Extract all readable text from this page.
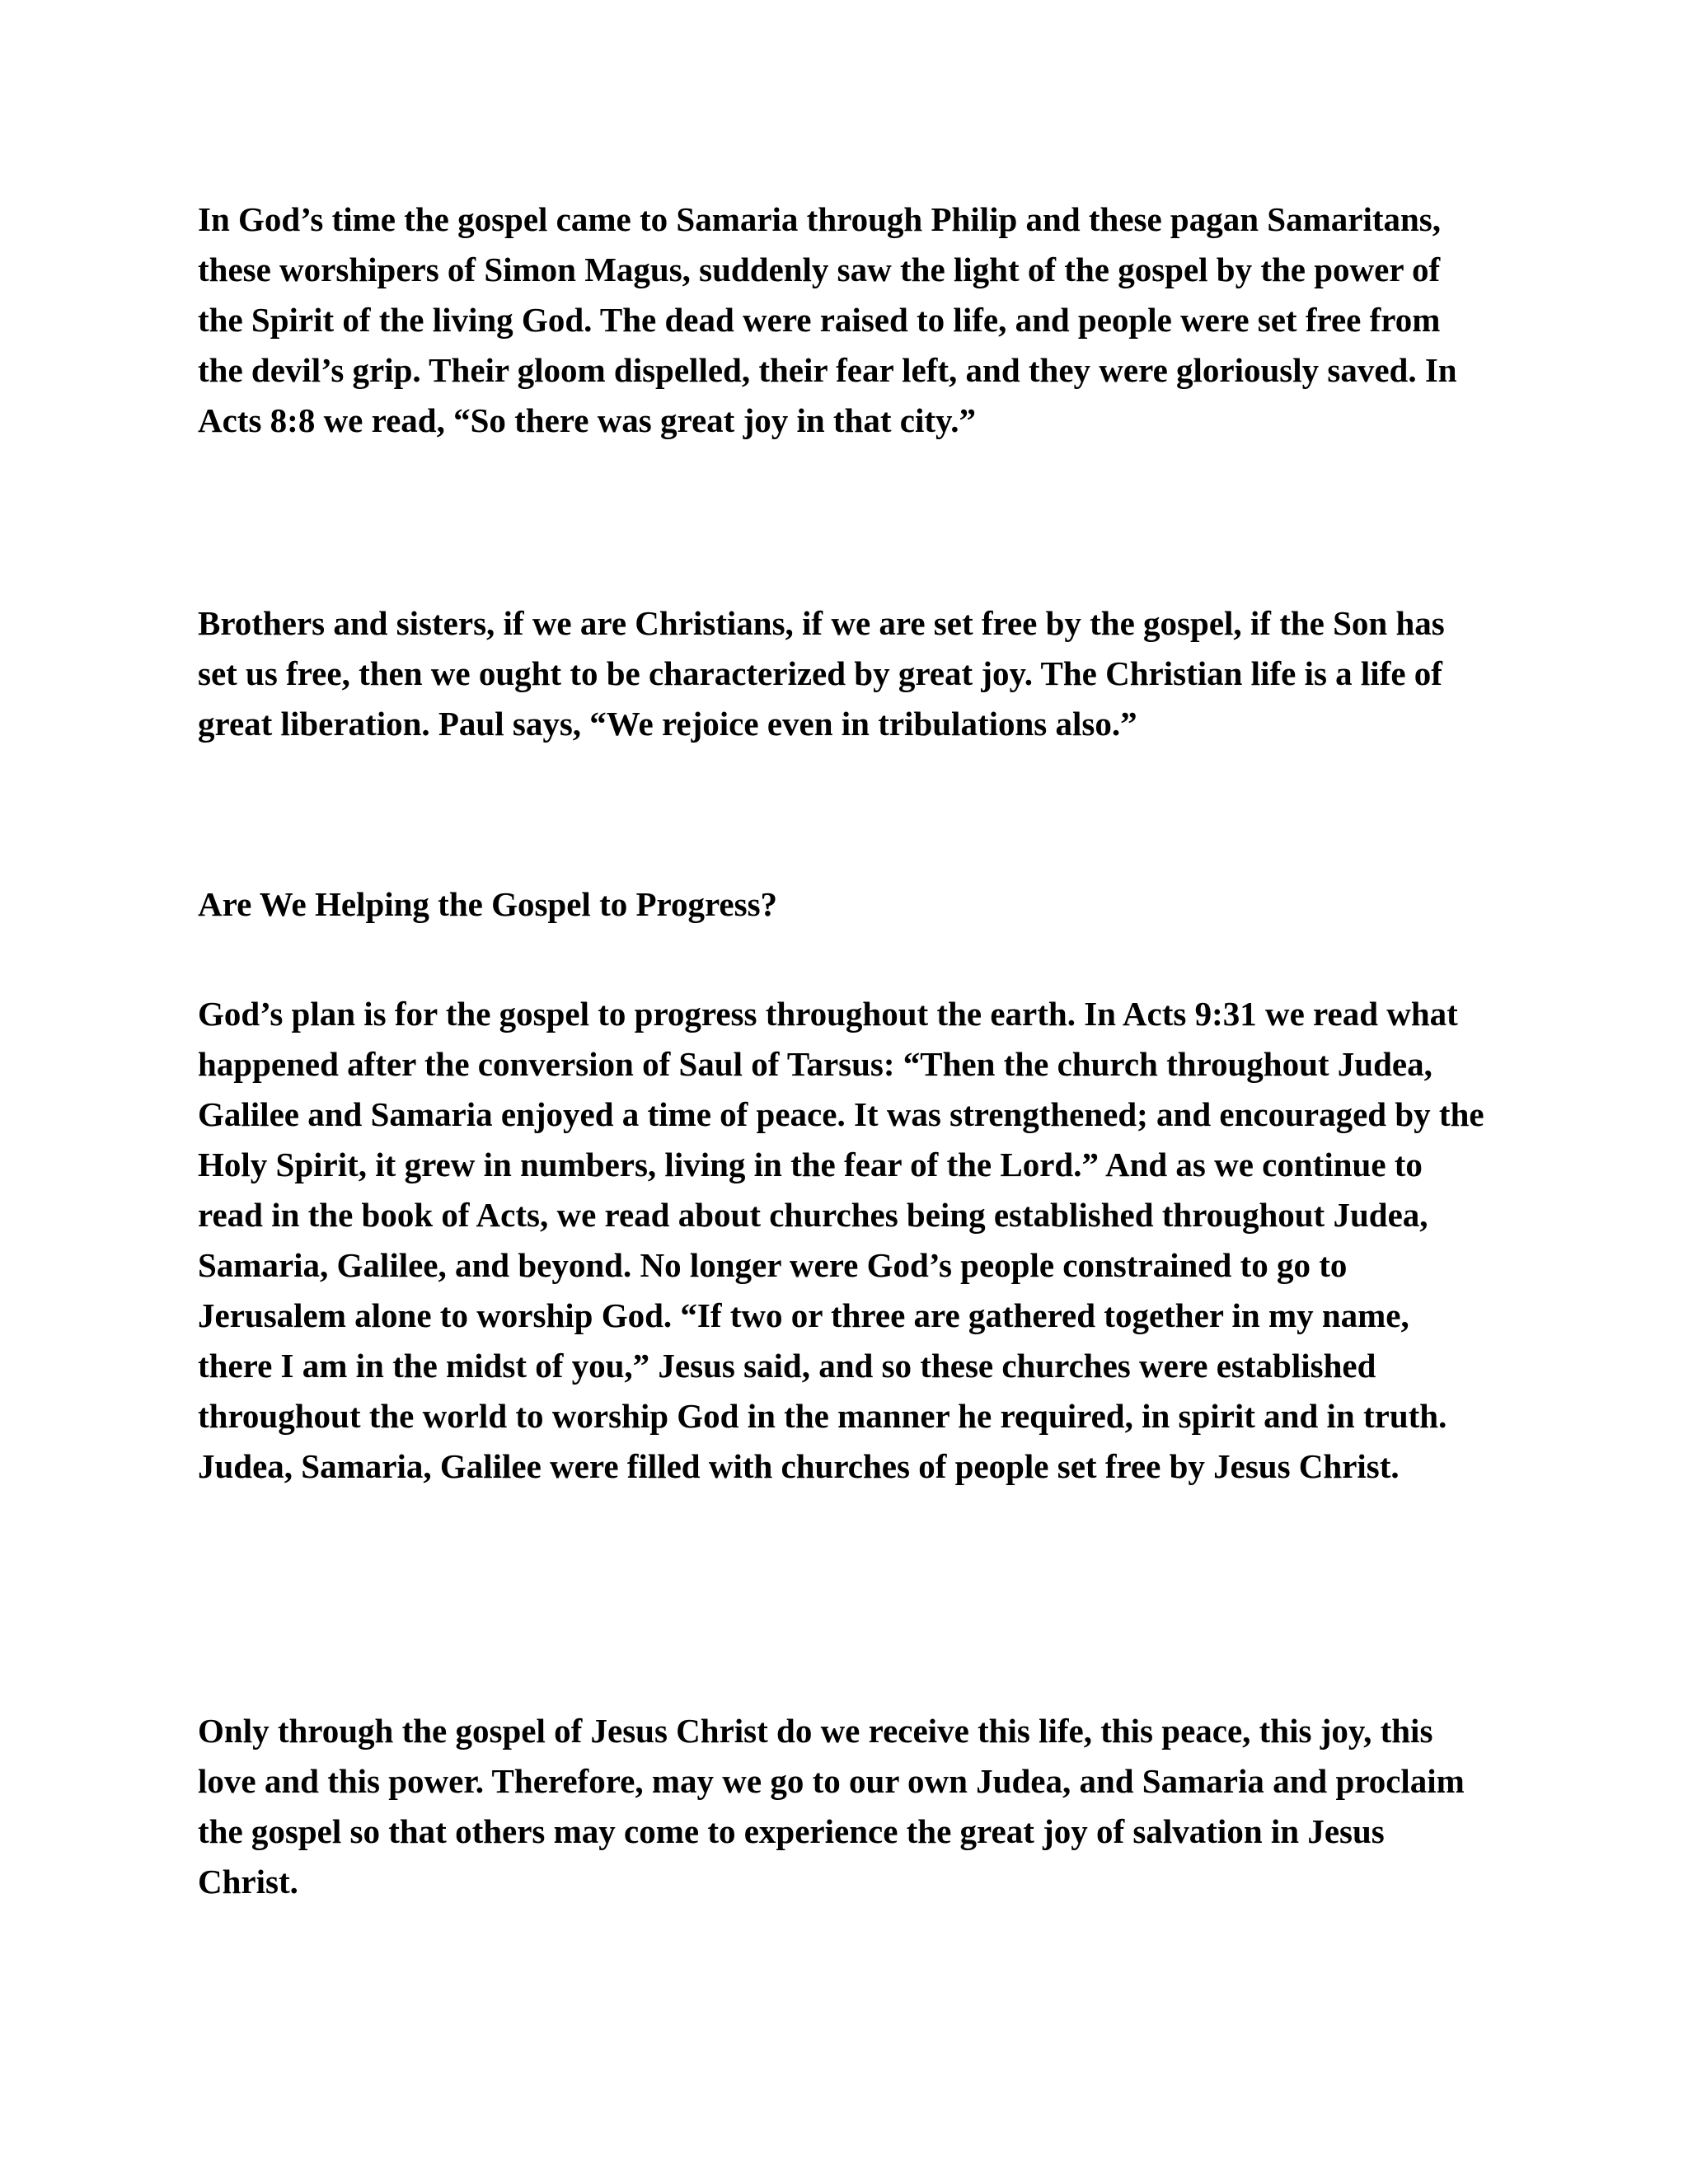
In God’s time the gospel came to Samaria through Philip and these pagan Samaritans, these worshipers of Simon Magus, suddenly saw the light of the gospel by the power of the Spirit of the living God. The dead were raised to life, and people were set free from the devil’s grip. Their gloom dispelled, their fear left, and they were gloriously saved. In Acts 8:8 we read, “So there was great joy in that city.”

Brothers and sisters, if we are Christians, if we are set free by the gospel, if the Son has set us free, then we ought to be characterized by great joy. The Christian life is a life of great liberation. Paul says, “We rejoice even in tribulations also.”

Are We Helping the Gospel to Progress?

God’s plan is for the gospel to progress throughout the earth. In Acts 9:31 we read what happened after the conversion of Saul of Tarsus: “Then the church throughout Judea, Galilee and Samaria enjoyed a time of peace. It was strengthened; and encouraged by the Holy Spirit, it grew in numbers, living in the fear of the Lord.” And as we continue to read in the book of Acts, we read about churches being established throughout Judea, Samaria, Galilee, and beyond. No longer were God’s people constrained to go to Jerusalem alone to worship God. “If two or three are gathered together in my name, there I am in the midst of you,” Jesus said, and so these churches were established throughout the world to worship God in the manner he required, in spirit and in truth. Judea, Samaria, Galilee were filled with churches of people set free by Jesus Christ.

Only through the gospel of Jesus Christ do we receive this life, this peace, this joy, this love and this power. Therefore, may we go to our own Judea, and Samaria and proclaim the gospel so that others may come to experience the great joy of salvation in Jesus Christ.
